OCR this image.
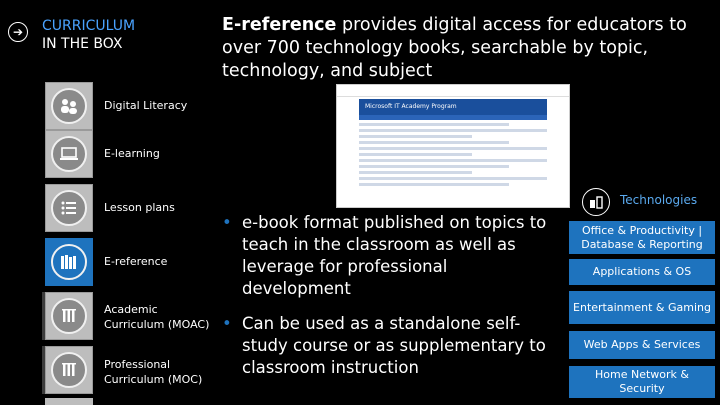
➔	CURRICULUM
IN THE BOX
E-reference provides digital access for educators to over 700 technology books, searchable by topic, technology, and subject
Digital Literacy
E-learning
Lesson plans
E-reference
Academic Curriculum (MOAC)
Professional Curriculum (MOC)
Microsoft IT Academy Program
• e-book format published on topics to teach in the classroom as well as leverage for professional development
• Can be used as a standalone self-study course or as supplementary to classroom instruction
Technologies
Office & Productivity | Database & Reporting
Applications & OS
Entertainment & Gaming
Web Apps & Services
Home Network & Security
